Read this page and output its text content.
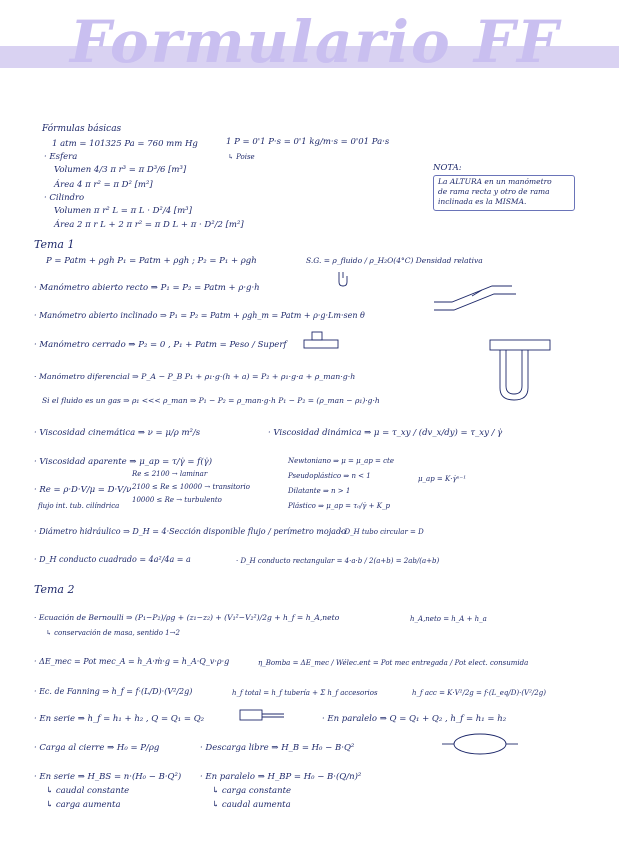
Formulario FF
Fórmulas básicas
1 atm = 101325 Pa = 760 mm Hg	1 P = 0'1 P·s = 0'1 kg/m·s = 0'01 Pa·s
↳ Poise
· Esfera
Volumen 4/3 π r³ = π D³/6 [m³]
Área 4 π r² = π D² [m²]
· Cilindro
Volumen π r² L = π L · D²/4 [m³]
Área 2 π r L + 2 π r² = π D L + π · D²/2 [m²]
NOTA:
La ALTURA en un manómetro
de rama recta y otro de rama
inclinada es la MISMA.
Tema 1
P = Patm + ρgh P₁ = Patm + ρgh ; P₂ = P₁ + ρgh	S.G. = ρ_fluido / ρ_H₂O(4°C) Densidad relativa
· Manómetro abierto recto ⇒ P₁ = P₂ = Patm + ρ·g·h
· Manómetro abierto inclinado ⇒ P₁ = P₂ = Patm + ρgh_m = Patm + ρ·g·Lm·sen θ
· Manómetro cerrado ⇒ P₂ = 0 , P₁ + Patm = Peso / Superf
· Manómetro diferencial ⇒ P_A − P_B P₁ + ρ₁·g·(h + a) = P₂ + ρ₁·g·a + ρ_man·g·h
Si el fluido es un gas ⇒ ρ₁ <<< ρ_man ⇒ P₁ − P₂ = ρ_man·g·h P₁ − P₂ = (ρ_man − ρ₁)·g·h
· Viscosidad cinemática ⇒ ν = μ/ρ m²/s	· Viscosidad dinámica ⇒ μ = τ_xy / (dv_x/dy) = τ_xy / γ̇
· Viscosidad aparente ⇒ μ_ap = τ/γ̇ = f(γ̇)	Newtoniano ⇒ μ = μ_ap = cte
Pseudoplástico ⇒ n < 1
Dilatante ⇒ n > 1
Plástico ⇒ μ_ap = τ₀/γ̇ + K_p
μ_ap = K·γ̇ⁿ⁻¹
· Re = ρ·D·V/μ = D·V/ν
Re ≤ 2100 → laminar
2100 ≤ Re ≤ 10000 → transitorio
10000 ≤ Re → turbulento
flujo int. tub. cilíndrica
· Diámetro hidráulico ⇒ D_H = 4·Sección disponible flujo / perímetro mojado
· D_H tubo circular = D
· D_H conducto cuadrado = 4a²/4a = a	· D_H conducto rectangular = 4·a·b / 2(a+b) = 2ab/(a+b)
Tema 2
· Ecuación de Bernoulli ⇒ (P₁−P₂)/ρg + (z₁−z₂) + (V₁²−V₂²)/2g + h_f = h_A,neto	h_A,neto = h_A + h_a
↳ conservación de masa, sentido 1→2
· ΔE_mec = Pot mec_A = h_A·ṁ·g = h_A·Q_v·ρ·g	η_Bomba = ΔE_mec / Wélec.ent = Pot mec entregada / Pot elect. consumida
· Ec. de Fanning ⇒ h_f = f·(L/D)·(V²/2g)	h_f total = h_f tubería + Σ h_f accesorios	h_f acc = K·V²/2g = f·(L_eq/D)·(V²/2g)
· En serie ⇒ h_f = h₁ + h₂ , Q = Q₁ = Q₂	· En paralelo ⇒ Q = Q₁ + Q₂ , h_f = h₁ = h₂
· Carga al cierre ⇒ H₀ = P/ρg	· Descarga libre ⇒ H_B = H₀ − B·Q²
· En serie ⇒ H_BS = n·(H₀ − B·Q²)
↳ caudal constante
↳ carga aumenta
· En paralelo ⇒ H_BP = H₀ − B·(Q/n)²
↳ carga constante
↳ caudal aumenta
